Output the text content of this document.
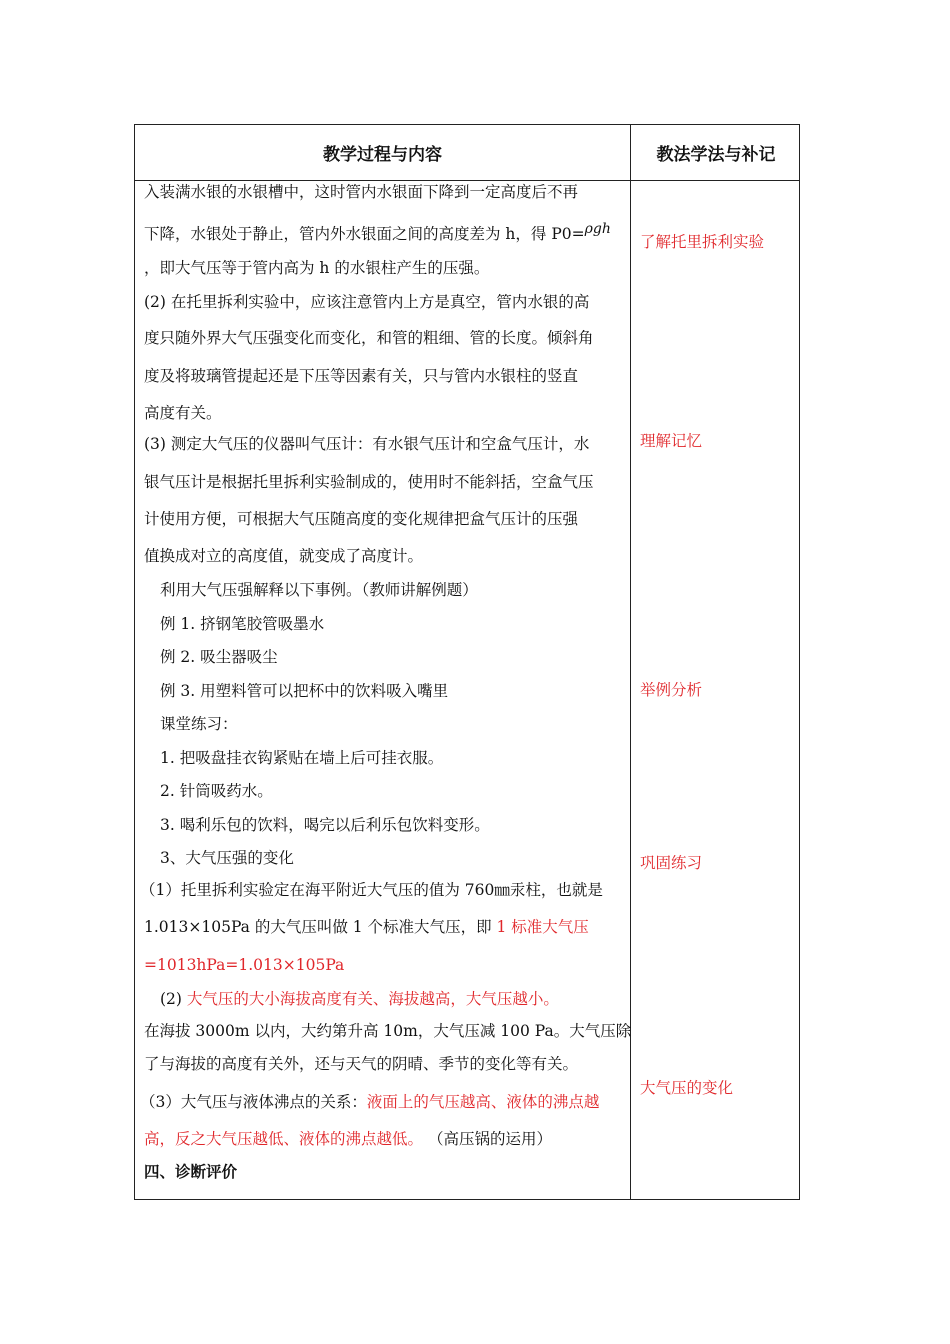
教学过程与内容	教法学法与补记
入装满水银的水银槽中，这时管内水银面下降到一定高度后不再
下降，水银处于静止，管内外水银面之间的高度差为 h，得 P0=ρgh
，即大气压等于管内高为 h 的水银柱产生的压强。
(2) 在托里拆利实验中，应该注意管内上方是真空，管内水银的高
度只随外界大气压强变化而变化，和管的粗细、管的长度。倾斜角
度及将玻璃管提起还是下压等因素有关，只与管内水银柱的竖直
高度有关。
(3) 测定大气压的仪器叫气压计：有水银气压计和空盒气压计，水
银气压计是根据托里拆利实验制成的，使用时不能斜括，空盒气压
计使用方便，可根据大气压随高度的变化规律把盒气压计的压强
值换成对立的高度值，就变成了高度计。
利用大气压强解释以下事例。（教师讲解例题）
例 1. 挤钢笔胶管吸墨水
例 2. 吸尘器吸尘
例 3. 用塑料管可以把杯中的饮料吸入嘴里
课堂练习：
1. 把吸盘挂衣钩紧贴在墙上后可挂衣服。
2. 针筒吸药水。
3. 喝利乐包的饮料，喝完以后利乐包饮料变形。
3、大气压强的变化
（1）托里拆利实验定在海平附近大气压的值为 760㎜汞柱，也就是
1.013×105Pa 的大气压叫做 1 个标准大气压，即 1 标准大气压
=1013hPa=1.013×105Pa
(2) 大气压的大小海拔高度有关、海拔越高，大气压越小。
在海拔 3000m 以内，大约第升高 10m，大气压减 100 Pa。大气压除
了与海拔的高度有关外，还与天气的阴晴、季节的变化等有关。
（3）大气压与液体沸点的关系：液面上的气压越高、液体的沸点越
高，反之大气压越低、液体的沸点越低。 （高压锅的运用）
四、诊断评价
了解托里拆利实验
理解记忆
举例分析
巩固练习
大气压的变化
